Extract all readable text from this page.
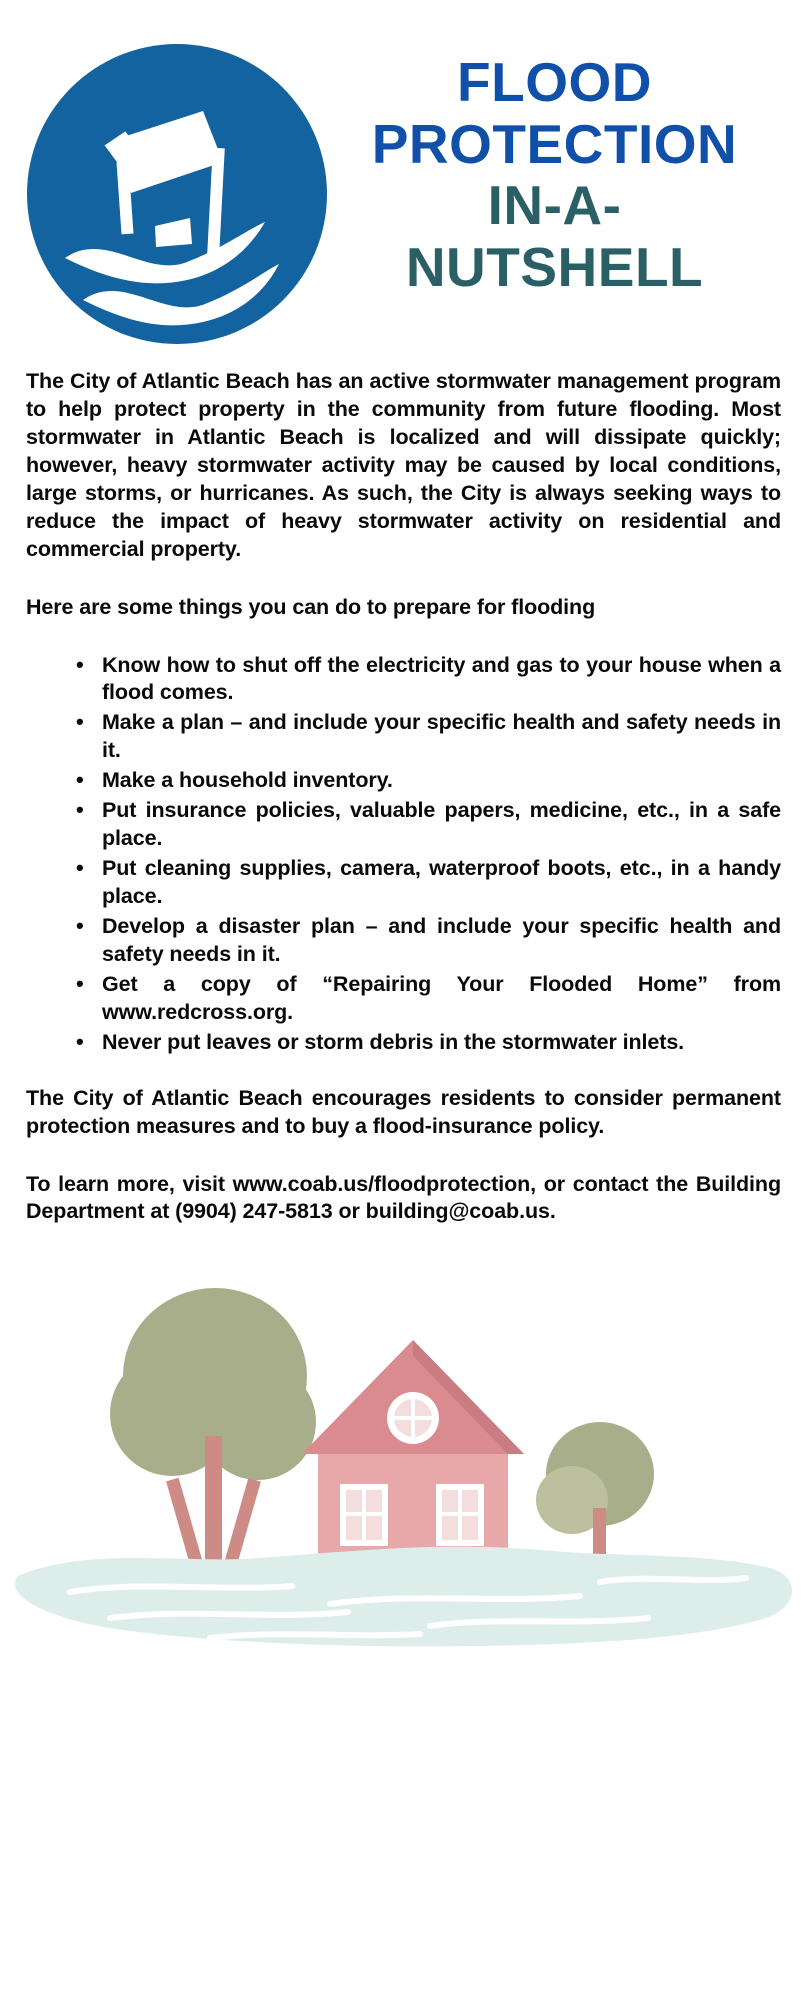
FLOOD
PROTECTION
IN-A-
NUTSHELL

The City of Atlantic Beach has an active stormwater management program to help protect property in the community from future flooding. Most stormwater in Atlantic Beach is localized and will dissipate quickly; however, heavy stormwater activity may be caused by local conditions, large storms, or hurricanes. As such, the City is always seeking ways to reduce the impact of heavy stormwater activity on residential and commercial property.

Here are some things you can do to prepare for flooding

• Know how to shut off the electricity and gas to your house when a flood comes.
• Make a plan – and include your specific health and safety needs in it.
• Make a household inventory.
• Put insurance policies, valuable papers, medicine, etc., in a safe place.
• Put cleaning supplies, camera, waterproof boots, etc., in a handy place.
• Develop a disaster plan – and include your specific health and safety needs in it.
• Get a copy of “Repairing Your Flooded Home” from www.redcross.org.
• Never put leaves or storm debris in the stormwater inlets.

The City of Atlantic Beach encourages residents to consider permanent protection measures and to buy a flood-insurance policy.

To learn more, visit www.coab.us/floodprotection, or contact the Building Department at (9904) 247-5813 or building@coab.us.
